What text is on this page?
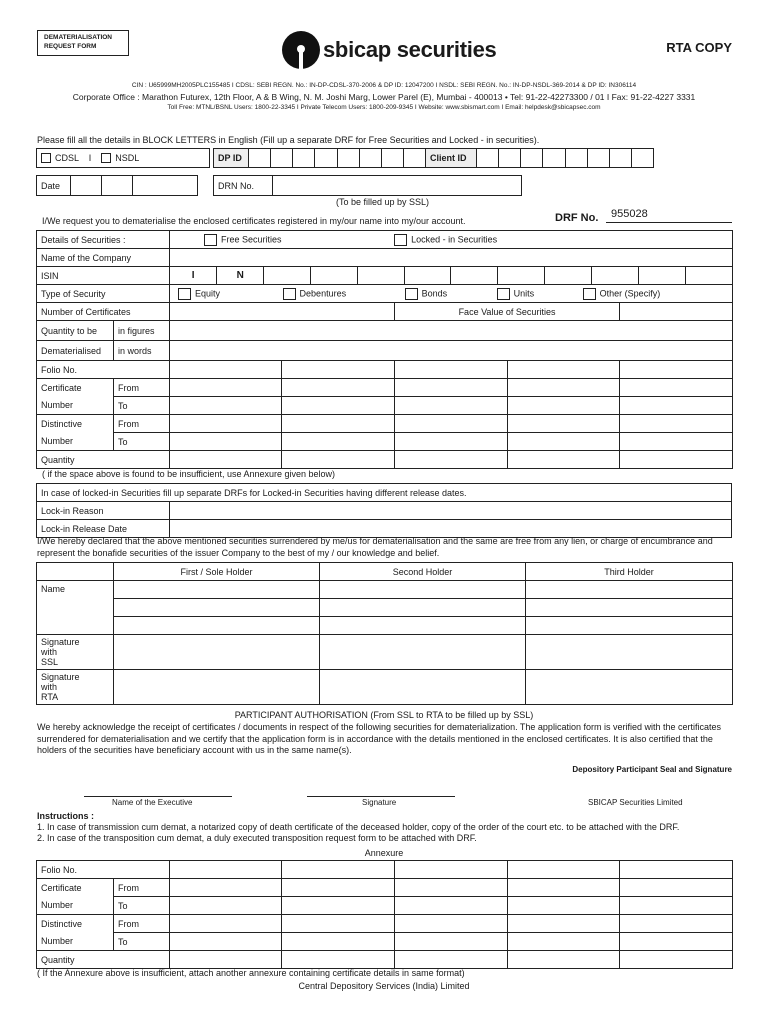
DEMATERIALISATION
REQUEST FORM	sbicap securities	RTA COPY
CIN : U65999MH2005PLC155485 I CDSL: SEBI REGN. No.: IN-DP-CDSL-370-2006 & DP ID: 12047200 I NSDL: SEBI REGN. No.: IN-DP-NSDL-369-2014 & DP ID: IN306114
Corporate Office : Marathon Futurex, 12th Floor, A & B Wing, N. M. Joshi Marg, Lower Parel (E), Mumbai - 400013 • Tel: 91-22-42273300 / 01 I Fax: 91-22-4227 3331
Toll Free: MTNL/BSNL Users: 1800-22-3345 I Private Telecom Users: 1800-209-9345 I Website: www.sbismart.com I Email: helpdesk@sbicapsec.com
Please fill all the details in BLOCK LETTERS in English (Fill up a separate DRF for Free Securities and Locked - in securities).
CDSL I	NSDL	DP ID									Client ID								
Date				DRN No.	
(To be filled up by SSL)
I/We request you to dematerialise the enclosed certificates registered in my/our name into my/our account.	DRF No. 955028
Details of Securities :	Free Securities	Locked - in Securities
Name of the Company	
ISIN		I	N										

Type of Security	Equity	Debentures	Bonds	Units	Other (Specify)
Number of Certificates		Face Value of Securities	
Quantity to be	in figures	
Dematerialised	in words	
Folio No.					
Certificate	From					
Number	To					
Distinctive	From					
Number	To					
Quantity					
( if the space above is found to be insufficient, use Annexure given below)
In case of locked-in Securities fill up separate DRFs for Locked-in Securities having different release dates.	
Lock-in Reason	
Lock-in Release Date	

I/We hereby declared that the above mentioned securities surrendered by me/us for dematerialisation and the same are free from any lien, or charge of encumbrance and represent the bonafide securities of the issuer Company to the best of my / our knowledge and belief.

	First / Sole Holder	Second Holder	Third Holder
Name			

Signature
with
SSL			

Signature
with
RTA			

PARTICIPANT AUTHORISATION (From SSL to RTA to be filled up by SSL)

We hereby acknowledge the receipt of certificates / documents in respect of the following securities for dematerialization. The application form is verified with the certificates surrendered for dematerialisation and we certify that the application form is in accordance with the details mentioned in the enclosed certificates. It is also certified that the holders of the securities have beneficiary account with us in the same name(s).

Depository Participant Seal and Signature
Name of the Executive	Signature	SBICAP Securities Limited
Instructions :
1. In case of transmission cum demat, a notarized copy of death certificate of the deceased holder, copy of the order of the court etc. to be attached with the DRF.
2. In case of the transposition cum demat, a duly executed transposition request form to be attached with DRF.
Annexure
Folio No.						
Certificate	From					
Number	To					
Distinctive	From					
Number	To					
Quantity						
( If the Annexure above is insufficient, attach another annexure containing certificate details in same format)
Central Depository Services (India) Limited
